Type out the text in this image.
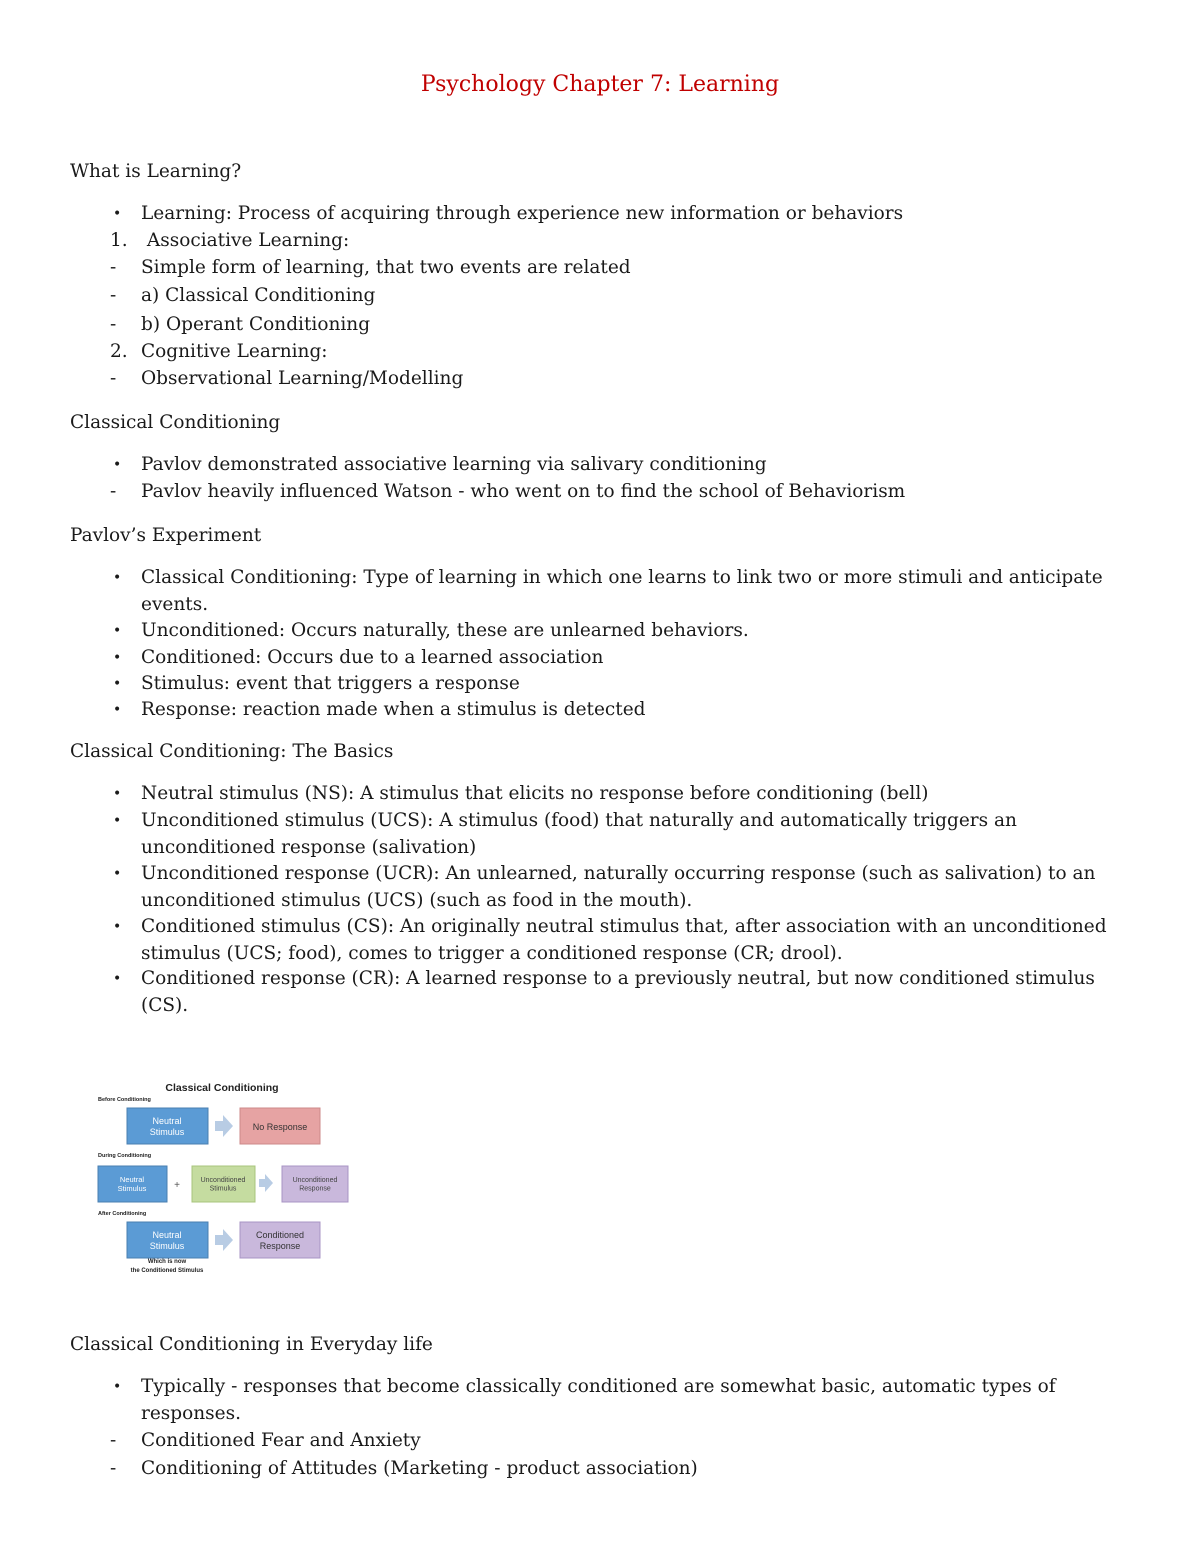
Psychology Chapter 7: Learning
What is Learning?
•	Learning: Process of acquiring through experience new information or behaviors
1. Associative Learning:
-	Simple form of learning, that two events are related
-	a) Classical Conditioning
-	b) Operant Conditioning
2. Cognitive Learning:
-	Observational Learning/Modelling
Classical Conditioning
•	Pavlov demonstrated associative learning via salivary conditioning
-	Pavlov heavily influenced Watson - who went on to find the school of Behaviorism
Pavlov’s Experiment
•	Classical Conditioning: Type of learning in which one learns to link two or more stimuli and anticipate events.
•	Unconditioned: Occurs naturally, these are unlearned behaviors.
•	Conditioned: Occurs due to a learned association
•	Stimulus: event that triggers a response
•	Response: reaction made when a stimulus is detected
Classical Conditioning: The Basics
•	Neutral stimulus (NS): A stimulus that elicits no response before conditioning (bell)
•	Unconditioned stimulus (UCS): A stimulus (food) that naturally and automatically triggers an unconditioned response (salivation)
•	Unconditioned response (UCR): An unlearned, naturally occurring response (such as salivation) to an unconditioned stimulus (UCS) (such as food in the mouth).
•	Conditioned stimulus (CS): An originally neutral stimulus that, after association with an unconditioned stimulus (UCS; food), comes to trigger a conditioned response (CR; drool).
•	Conditioned response (CR): A learned response to a previously neutral, but now conditioned stimulus (CS).
Classical Conditioning
Before Conditioning
Neutral Stimulus	No Response
During Conditioning
Neutral Stimulus	+	Unconditioned Stimulus
Unconditioned Response
After Conditioning
Neutral Stimulus
Conditioned Response
Which is now
the Conditioned Stimulus
Classical Conditioning in Everyday life
•	Typically - responses that become classically conditioned are somewhat basic, automatic types of responses.
-	Conditioned Fear and Anxiety
-	Conditioning of Attitudes (Marketing - product association)
